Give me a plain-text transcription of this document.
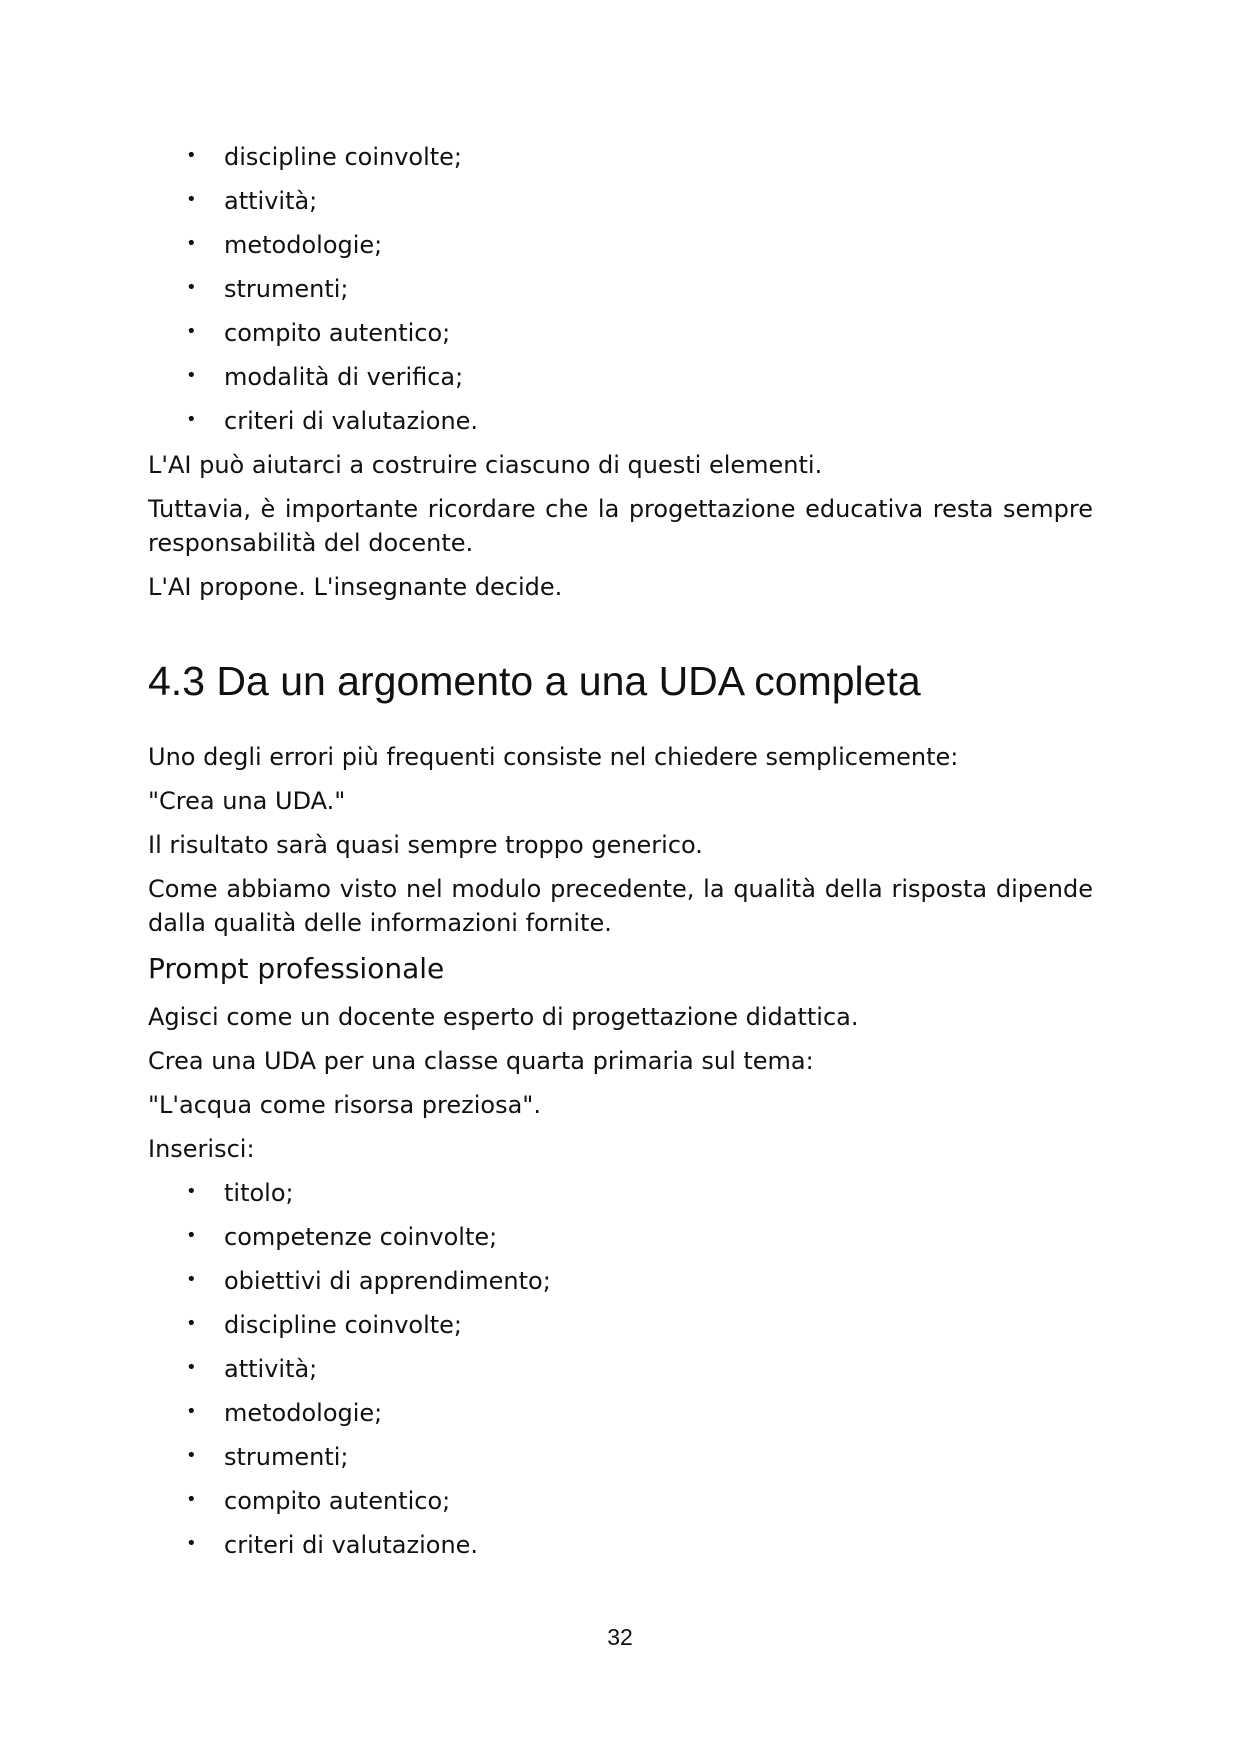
• discipline coinvolte;
• attività;
• metodologie;
• strumenti;
• compito autentico;
• modalità di verifica;
• criteri di valutazione.

L'AI può aiutarci a costruire ciascuno di questi elementi.

Tuttavia, è importante ricordare che la progettazione educativa resta sempre responsabilità del docente.

L'AI propone. L'insegnante decide.

4.3 Da un argomento a una UDA completa

Uno degli errori più frequenti consiste nel chiedere semplicemente:

"Crea una UDA."

Il risultato sarà quasi sempre troppo generico.

Come abbiamo visto nel modulo precedente, la qualità della risposta dipende dalla qualità delle informazioni fornite.

Prompt professionale

Agisci come un docente esperto di progettazione didattica.

Crea una UDA per una classe quarta primaria sul tema:

"L'acqua come risorsa preziosa".

Inserisci:

• titolo;
• competenze coinvolte;
• obiettivi di apprendimento;
• discipline coinvolte;
• attività;
• metodologie;
• strumenti;
• compito autentico;
• criteri di valutazione.
32
